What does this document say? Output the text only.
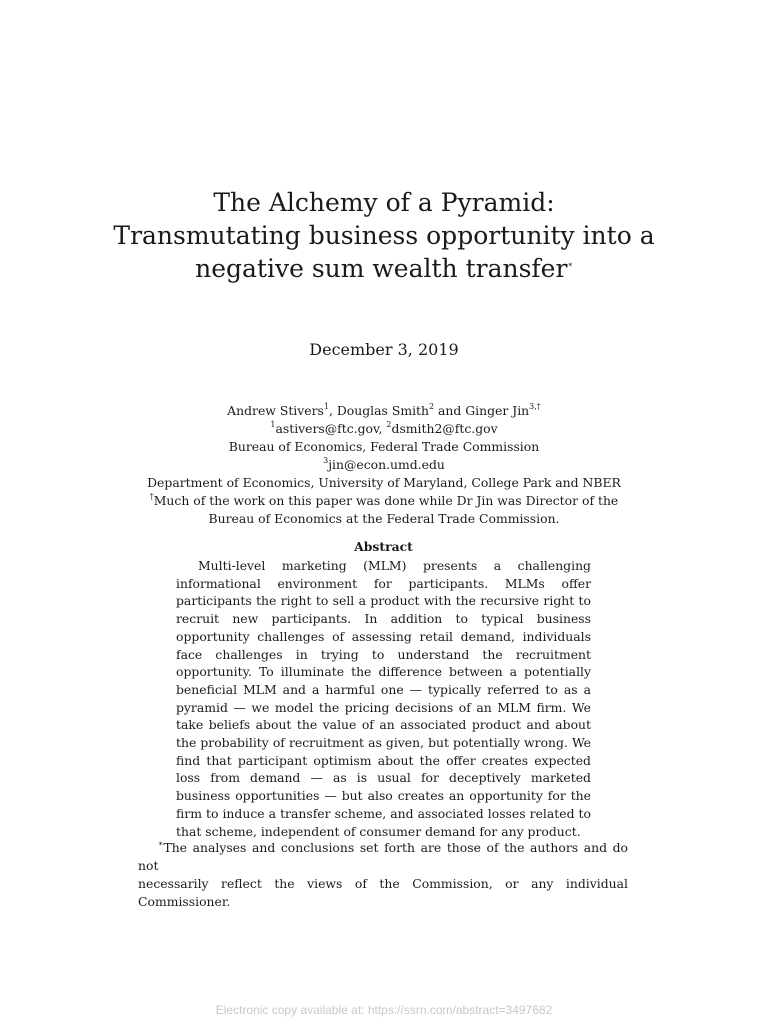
The Alchemy of a Pyramid:
Transmutating business opportunity into a
negative sum wealth transfer∗
December 3, 2019
Andrew Stivers$^1$, Douglas Smith$^2$ and Ginger Jin$^{3,\dagger}$
$^1$astivers@ftc.gov, $^2$dsmith2@ftc.gov
Bureau of Economics, Federal Trade Commission
$^3$jin@econ.umd.edu
Department of Economics, University of Maryland, College Park and NBER
†Much of the work on this paper was done while Dr Jin was Director of the
Bureau of Economics at the Federal Trade Commission.
Abstract

Multi-level marketing (MLM) presents a challenging informational environment for participants. MLMs offer participants the right to sell a product with the recursive right to recruit new participants. In addition to typical business opportunity challenges of assessing retail demand, individuals face challenges in trying to understand the recruitment opportunity. To illuminate the difference between a potentially beneficial MLM and a harmful one — typically referred to as a pyramid — we model the pricing decisions of an MLM firm. We take beliefs about the value of an associated product and about the probability of recruitment as given, but potentially wrong. We find that participant optimism about the offer creates expected loss from demand — as is usual for deceptively marketed business opportunities — but also creates an opportunity for the firm to induce a transfer scheme, and associated losses related to that scheme, independent of consumer demand for any product.

∗The analyses and conclusions set forth are those of the authors and do not
necessarily reflect the views of the Commission, or any individual Commissioner.
Electronic copy available at: https://ssrn.com/abstract=3497682
